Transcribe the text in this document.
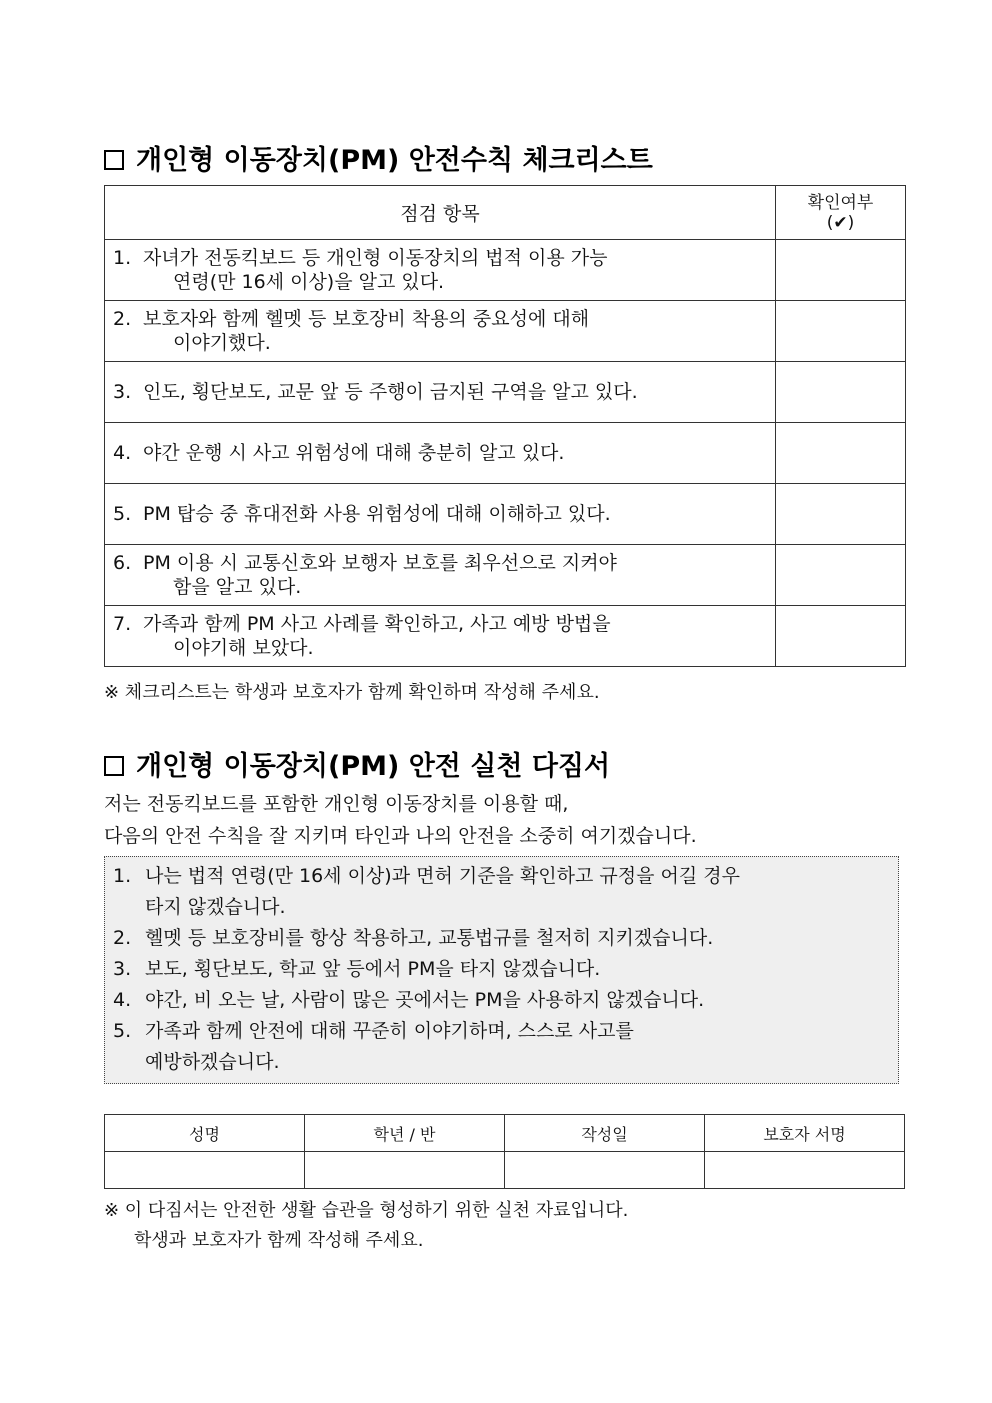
개인형 이동장치(PM) 안전수칙 체크리스트
점검 항목	확인여부
(✔)

1. 자녀가 전동킥보드 등 개인형 이동장치의 법적 이용 가능
연령(만 16세 이상)을 알고 있다.	

2. 보호자와 함께 헬멧 등 보호장비 착용의 중요성에 대해
이야기했다.	

3. 인도, 횡단보도, 교문 앞 등 주행이 금지된 구역을 알고 있다.	
4. 야간 운행 시 사고 위험성에 대해 충분히 알고 있다.	
5. PM 탑승 중 휴대전화 사용 위험성에 대해 이해하고 있다.	
6. PM 이용 시 교통신호와 보행자 보호를 최우선으로 지켜야
함을 알고 있다.	

7. 가족과 함께 PM 사고 사례를 확인하고, 사고 예방 방법을
이야기해 보았다.	

※ 체크리스트는 학생과 보호자가 함께 확인하며 작성해 주세요.
개인형 이동장치(PM) 안전 실천 다짐서
저는 전동킥보드를 포함한 개인형 이동장치를 이용할 때,
다음의 안전 수칙을 잘 지키며 타인과 나의 안전을 소중히 여기겠습니다.
1. 나는 법적 연령(만 16세 이상)과 면허 기준을 확인하고 규정을 어길 경우
타지 않겠습니다.
2. 헬멧 등 보호장비를 항상 착용하고, 교통법규를 철저히 지키겠습니다.
3. 보도, 횡단보도, 학교 앞 등에서 PM을 타지 않겠습니다.
4. 야간, 비 오는 날, 사람이 많은 곳에서는 PM을 사용하지 않겠습니다.
5. 가족과 함께 안전에 대해 꾸준히 이야기하며, 스스로 사고를
예방하겠습니다.
성명	학년 / 반	작성일	보호자 서명

※ 이 다짐서는 안전한 생활 습관을 형성하기 위한 실천 자료입니다.
학생과 보호자가 함께 작성해 주세요.
